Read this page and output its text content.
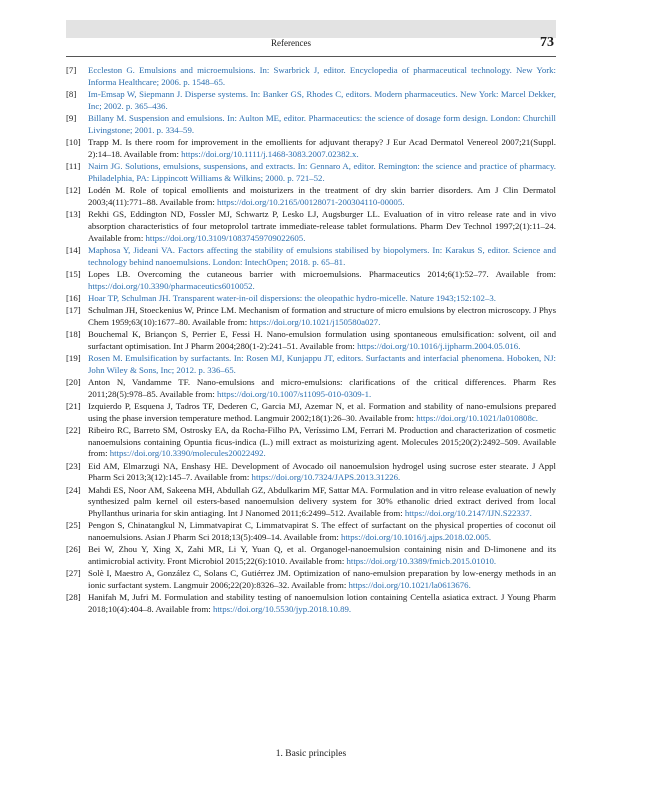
References	73
[7] Eccleston G. Emulsions and microemulsions. In: Swarbrick J, editor. Encyclopedia of pharmaceutical technology. New York: Informa Healthcare; 2006. p. 1548–65.
[8] Im-Emsap W, Siepmann J. Disperse systems. In: Banker GS, Rhodes C, editors. Modern pharmaceutics. New York: Marcel Dekker, Inc; 2002. p. 365–436.
[9] Billany M. Suspension and emulsions. In: Aulton ME, editor. Pharmaceutics: the science of dosage form design. London: Churchill Livingstone; 2001. p. 334–59.
[10] Trapp M. Is there room for improvement in the emollients for adjuvant therapy? J Eur Acad Dermatol Venereol 2007;21(Suppl. 2):14–18. Available from: https://doi.org/10.1111/j.1468-3083.2007.02382.x.
[11] Nairn JG. Solutions, emulsions, suspensions, and extracts. In: Gennaro A, editor. Remington: the science and practice of pharmacy. Philadelphia, PA: Lippincott Williams & Wilkins; 2000. p. 721–52.
[12] Lodén M. Role of topical emollients and moisturizers in the treatment of dry skin barrier disorders. Am J Clin Dermatol 2003;4(11):771–88. Available from: https://doi.org/10.2165/00128071-200304110-00005.
[13] Rekhi GS, Eddington ND, Fossler MJ, Schwartz P, Lesko LJ, Augsburger LL. Evaluation of in vitro release rate and in vivo absorption characteristics of four metoprolol tartrate immediate-release tablet formulations. Pharm Dev Technol 1997;2(1):11–24. Available from: https://doi.org/10.3109/10837459709022605.
[14] Maphosa Y, Jideani VA. Factors affecting the stability of emulsions stabilised by biopolymers. In: Karakus S, editor. Science and technology behind nanoemulsions. London: IntechOpen; 2018. p. 65–81.
[15] Lopes LB. Overcoming the cutaneous barrier with microemulsions. Pharmaceutics 2014;6(1):52–77. Available from: https://doi.org/10.3390/pharmaceutics6010052.
[16] Hoar TP, Schulman JH. Transparent water-in-oil dispersions: the oleopathic hydro-micelle. Nature 1943;152:102–3.
[17] Schulman JH, Stoeckenius W, Prince LM. Mechanism of formation and structure of micro emulsions by electron microscopy. J Phys Chem 1959;63(10):1677–80. Available from: https://doi.org/10.1021/j150580a027.
[18] Bouchemal K, Briançon S, Perrier E, Fessi H. Nano-emulsion formulation using spontaneous emulsification: solvent, oil and surfactant optimisation. Int J Pharm 2004;280(1-2):241–51. Available from: https://doi.org/10.1016/j.ijpharm.2004.05.016.
[19] Rosen M. Emulsification by surfactants. In: Rosen MJ, Kunjappu JT, editors. Surfactants and interfacial phenomena. Hoboken, NJ: John Wiley & Sons, Inc; 2012. p. 336–65.
[20] Anton N, Vandamme TF. Nano-emulsions and micro-emulsions: clarifications of the critical differences. Pharm Res 2011;28(5):978–85. Available from: https://doi.org/10.1007/s11095-010-0309-1.
[21] Izquierdo P, Esquena J, Tadros TF, Dederen C, Garcia MJ, Azemar N, et al. Formation and stability of nano-emulsions prepared using the phase inversion temperature method. Langmuir 2002;18(1):26–30. Available from: https://doi.org/10.1021/la010808c.
[22] Ribeiro RC, Barreto SM, Ostrosky EA, da Rocha-Filho PA, Veríssimo LM, Ferrari M. Production and characterization of cosmetic nanoemulsions containing Opuntia ficus-indica (L.) mill extract as moisturizing agent. Molecules 2015;20(2):2492–509. Available from: https://doi.org/10.3390/molecules20022492.
[23] Eid AM, Elmarzugi NA, Enshasy HE. Development of Avocado oil nanoemulsion hydrogel using sucrose ester stearate. J Appl Pharm Sci 2013;3(12):145–7. Available from: https://doi.org/10.7324/JAPS.2013.31226.
[24] Mahdi ES, Noor AM, Sakeena MH, Abdullah GZ, Abdulkarim MF, Sattar MA. Formulation and in vitro release evaluation of newly synthesized palm kernel oil esters-based nanoemulsion delivery system for 30% ethanolic dried extract derived from local Phyllanthus urinaria for skin antiaging. Int J Nanomed 2011;6:2499–512. Available from: https://doi.org/10.2147/IJN.S22337.
[25] Pengon S, Chinatangkul N, Limmatvapirat C, Limmatvapirat S. The effect of surfactant on the physical properties of coconut oil nanoemulsions. Asian J Pharm Sci 2018;13(5):409–14. Available from: https://doi.org/10.1016/j.ajps.2018.02.005.
[26] Bei W, Zhou Y, Xing X, Zahi MR, Li Y, Yuan Q, et al. Organogel-nanoemulsion containing nisin and D-limonene and its antimicrobial activity. Front Microbiol 2015;22(6):1010. Available from: https://doi.org/10.3389/fmicb.2015.01010.
[27] Solè I, Maestro A, González C, Solans C, Gutiérrez JM. Optimization of nano-emulsion preparation by low-energy methods in an ionic surfactant system. Langmuir 2006;22(20):8326–32. Available from: https://doi.org/10.1021/la0613676.
[28] Hanifah M, Jufri M. Formulation and stability testing of nanoemulsion lotion containing Centella asiatica extract. J Young Pharm 2018;10(4):404–8. Available from: https://doi.org/10.5530/jyp.2018.10.89.
1. Basic principles
